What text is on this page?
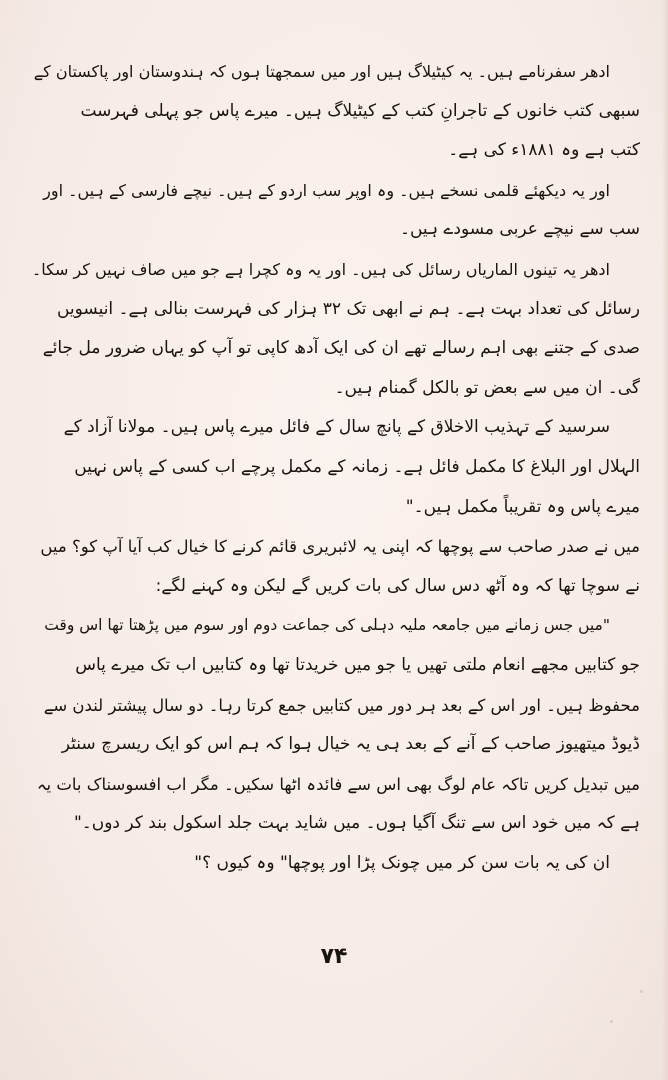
ادھر سفرنامے ہیں۔ یہ کیٹیلاگ ہیں اور میں سمجھتا ہوں کہ ہندوستان اور پاکستان کے
سبھی کتب خانوں کے تاجرانِ کتب کے کیٹیلاگ ہیں۔ میرے پاس جو پہلی فہرست
کتب ہے وہ ۱۸۸۱ء کی ہے۔
اور یہ دیکھئے قلمی نسخے ہیں۔ وہ اوپر سب اردو کے ہیں۔ نیچے فارسی کے ہیں۔ اور
سب سے نیچے عربی مسودے ہیں۔
ادھر یہ تینوں الماریاں رسائل کی ہیں۔ اور یہ وہ کچرا ہے جو میں صاف نہیں کر سکا۔
رسائل کی تعداد بہت ہے۔ ہم نے ابھی تک ۳۲ ہزار کی فہرست بنالی ہے۔ انیسویں
صدی کے جتنے بھی اہم رسالے تھے ان کی ایک آدھ کاپی تو آپ کو یہاں ضرور مل جائے
گی۔ ان میں سے بعض تو بالکل گمنام ہیں۔
سرسید کے تہذیب الاخلاق کے پانچ سال کے فائل میرے پاس ہیں۔ مولانا آزاد کے
الہلال اور البلاغ کا مکمل فائل ہے۔ زمانہ کے مکمل پرچے اب کسی کے پاس نہیں
میرے پاس وہ تقریباً مکمل ہیں۔"
میں نے صدر صاحب سے پوچھا کہ اپنی یہ لائبریری قائم کرنے کا خیال کب آیا آپ کو؟ میں
نے سوچا تھا کہ وہ آٹھ دس سال کی بات کریں گے لیکن وہ کہنے لگے:
"میں جس زمانے میں جامعہ ملیہ دہلی کی جماعت دوم اور سوم میں پڑھتا تھا اس وقت
جو کتابیں مجھے انعام ملتی تھیں یا جو میں خریدتا تھا وہ کتابیں اب تک میرے پاس
محفوظ ہیں۔ اور اس کے بعد ہر دور میں کتابیں جمع کرتا رہا۔ دو سال پیشتر لندن سے
ڈیوڈ میتھیوز صاحب کے آنے کے بعد ہی یہ خیال ہوا کہ ہم اس کو ایک ریسرچ سنٹر
میں تبدیل کریں تاکہ عام لوگ بھی اس سے فائدہ اٹھا سکیں۔ مگر اب افسوسناک بات یہ
ہے کہ میں خود اس سے تنگ آگیا ہوں۔ میں شاید بہت جلد اسکول بند کر دوں۔"
ان کی یہ بات سن کر میں چونک پڑا اور پوچھا" وہ کیوں ؟"
۷۴
